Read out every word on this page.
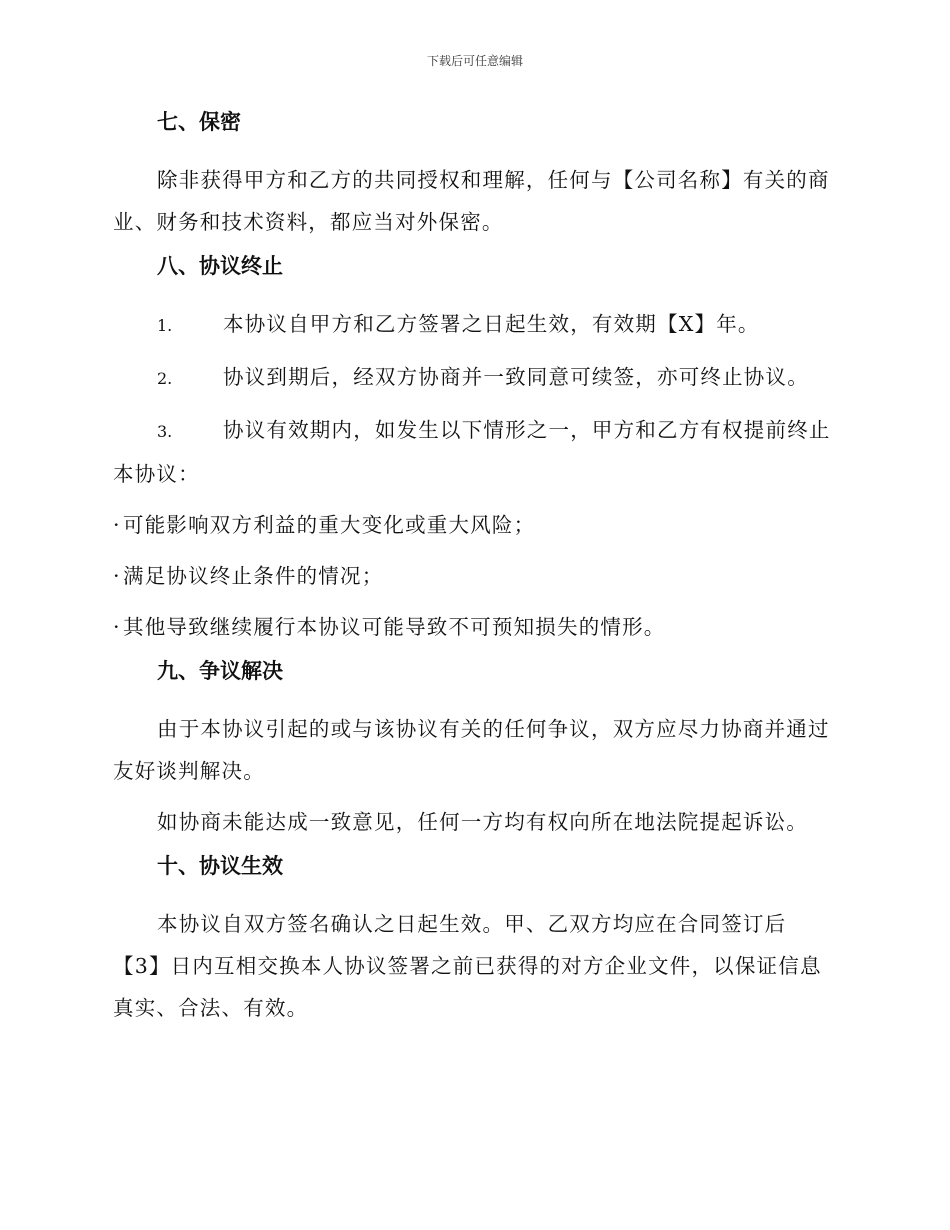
下载后可任意编辑
七、保密
除非获得甲方和乙方的共同授权和理解，任何与【公司名称】有关的商业、财务和技术资料，都应当对外保密。
八、协议终止
1. 本协议自甲方和乙方签署之日起生效，有效期【X】年。
2. 协议到期后，经双方协商并一致同意可续签，亦可终止协议。
3. 协议有效期内，如发生以下情形之一，甲方和乙方有权提前终止本协议：
· 可能影响双方利益的重大变化或重大风险；
· 满足协议终止条件的情况；
· 其他导致继续履行本协议可能导致不可预知损失的情形。
九、争议解决
由于本协议引起的或与该协议有关的任何争议，双方应尽力协商并通过友好谈判解决。
如协商未能达成一致意见，任何一方均有权向所在地法院提起诉讼。
十、协议生效
本协议自双方签名确认之日起生效。甲、乙双方均应在合同签订后【3】日内互相交换本人协议签署之前已获得的对方企业文件，以保证信息真实、合法、有效。
